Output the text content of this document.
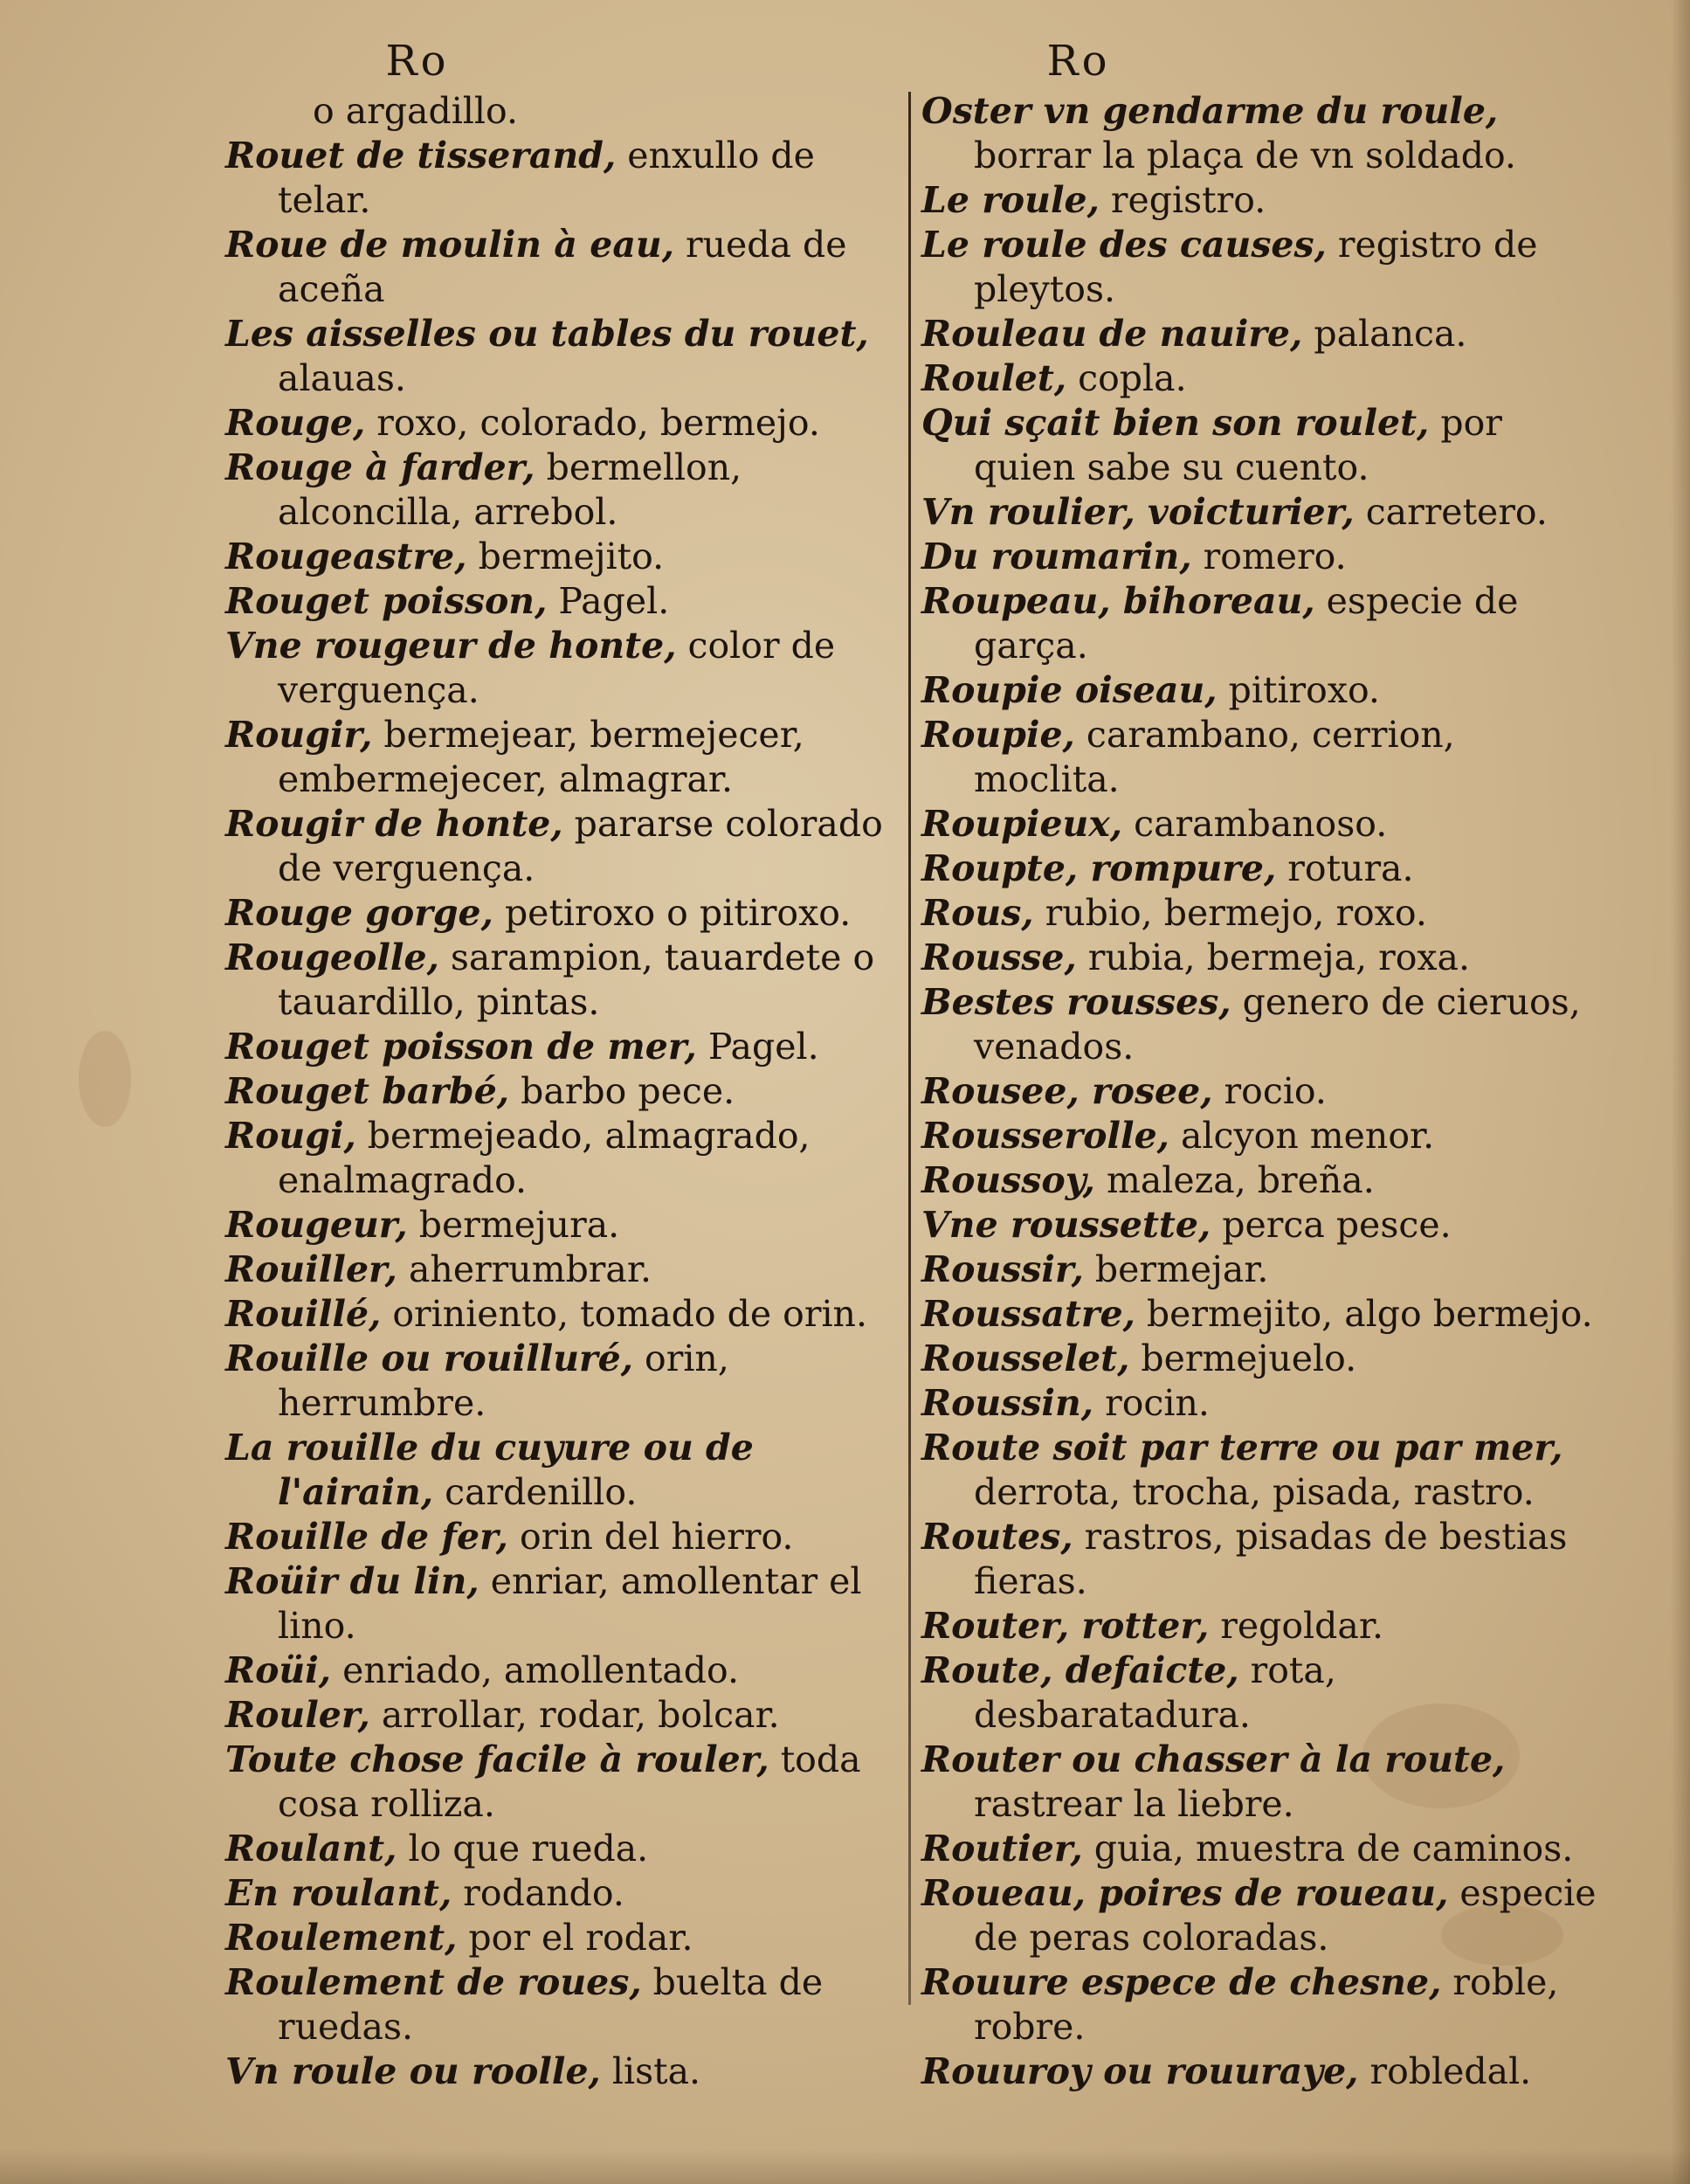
Ro
o argadillo.
Rouet de tisserand, enxullo de telar.
Roue de moulin à eau, rueda de aceña
Les aisselles ou tables du rouet, alauas.
Rouge, roxo, colorado, bermejo.
Rouge à farder, bermellon, alconcilla, arrebol.
Rougeastre, bermejito.
Rouget poisson, Pagel.
Vne rougeur de honte, color de verguença.
Rougir, bermejear, bermejecer, embermejecer, almagrar.
Rougir de honte, pararse colorado de verguença.
Rouge gorge, petiroxo o pitiroxo.
Rougeolle, sarampion, tauardete o tauardillo, pintas.
Rouget poisson de mer, Pagel.
Rouget barbé, barbo pece.
Rougi, bermejeado, almagrado, enalmagrado.
Rougeur, bermejura.
Rouiller, aherrumbrar.
Rouillé, oriniento, tomado de orin.
Rouille ou rouilluré, orin, herrumbre.
La rouille du cuyure ou de l'airain, cardenillo.
Rouille de fer, orin del hierro.
Roüir du lin, enriar, amollentar el lino.
Roüi, enriado, amollentado.
Rouler, arrollar, rodar, bolcar.
Toute chose facile à rouler, toda cosa rolliza.
Roulant, lo que rueda.
En roulant, rodando.
Roulement, por el rodar.
Roulement de roues, buelta de ruedas.
Vn roule ou roolle, lista.
Ro
Oster vn gendarme du roule, borrar la plaça de vn soldado.
Le roule, registro.
Le roule des causes, registro de pleytos.
Rouleau de nauire, palanca.
Roulet, copla.
Qui sçait bien son roulet, por quien sabe su cuento.
Vn roulier, voicturier, carretero.
Du roumarin, romero.
Roupeau, bihoreau, especie de garça.
Roupie oiseau, pitiroxo.
Roupie, carambano, cerrion, moclita.
Roupieux, carambanoso.
Roupte, rompure, rotura.
Rous, rubio, bermejo, roxo.
Rousse, rubia, bermeja, roxa.
Bestes rousses, genero de cieruos, venados.
Rousee, rosee, rocio.
Rousserolle, alcyon menor.
Roussoy, maleza, breña.
Vne roussette, perca pesce.
Roussir, bermejar.
Roussatre, bermejito, algo bermejo.
Rousselet, bermejuelo.
Roussin, rocin.
Route soit par terre ou par mer, derrota, trocha, pisada, rastro.
Routes, rastros, pisadas de bestias fieras.
Router, rotter, regoldar.
Route, defaicte, rota, desbaratadura.
Router ou chasser à la route, rastrear la liebre.
Routier, guia, muestra de caminos.
Roueau, poires de roueau, especie de peras coloradas.
Rouure espece de chesne, roble, robre.
Rouuroy ou rouuraye, robledal.
